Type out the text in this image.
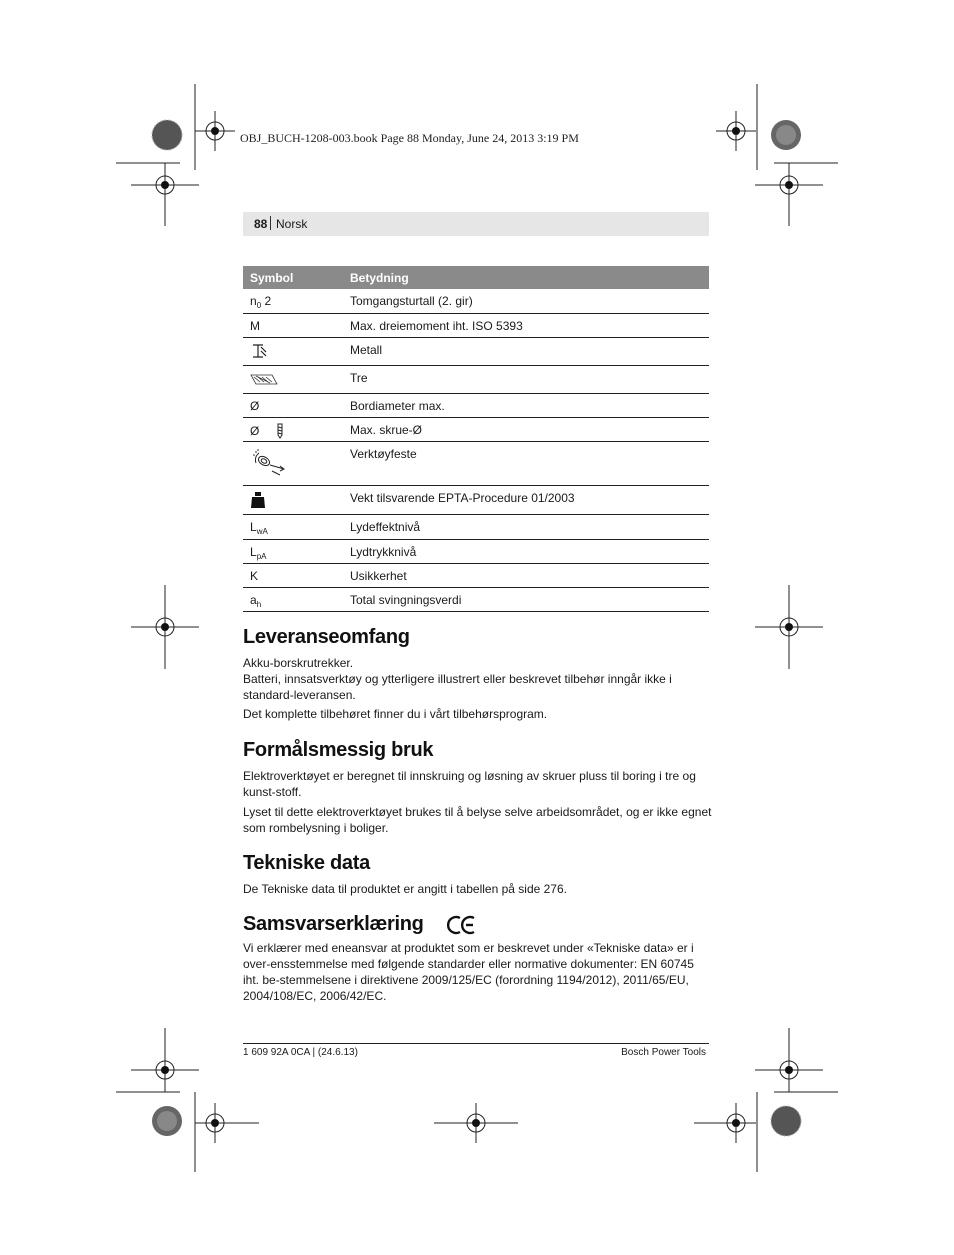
OBJ_BUCH-1208-003.book Page 88 Monday, June 24, 2013 3:19 PM
88 Norsk
Symbol	Betydning
$n_0$ 2	Tomgangsturtall (2. gir)
M	Max. dreiemoment iht. ISO 5393

	Metall

	Tre
Ø	Bordiameter max.
Ø	Max. skrue-Ø

	Verktøyfeste

	Vekt tilsvarende EPTA-Procedure 01/2003
$L_{wA}$	Lydeffektnivå
$L_{pA}$	Lydtrykknivå
K	Usikkerhet
$a_h$	Total svingningsverdi
Leveranseomfang

Akku-borskrutrekker.

Batteri, innsatsverktøy og ytterligere illustrert eller beskrevet tilbehør inngår ikke i standard-leveransen.

Det komplette tilbehøret finner du i vårt tilbehørsprogram.

Formålsmessig bruk

Elektroverktøyet er beregnet til innskruing og løsning av skruer pluss til boring i tre og kunst-stoff.

Lyset til dette elektroverktøyet brukes til å belyse selve arbeidsområdet, og er ikke egnet som rombelysning i boliger.

Tekniske data

De Tekniske data til produktet er angitt i tabellen på side 276.

Samsvarserklæring

Vi erklærer med eneansvar at produktet som er beskrevet under «Tekniske data» er i over-ensstemmelse med følgende standarder eller normative dokumenter: EN 60745 iht. be-stemmelsene i direktivene 2009/125/EC (forordning 1194/2012), 2011/65/EU, 2004/108/EC, 2006/42/EC.

1 609 92A 0CA | (24.6.13)	Bosch Power Tools
